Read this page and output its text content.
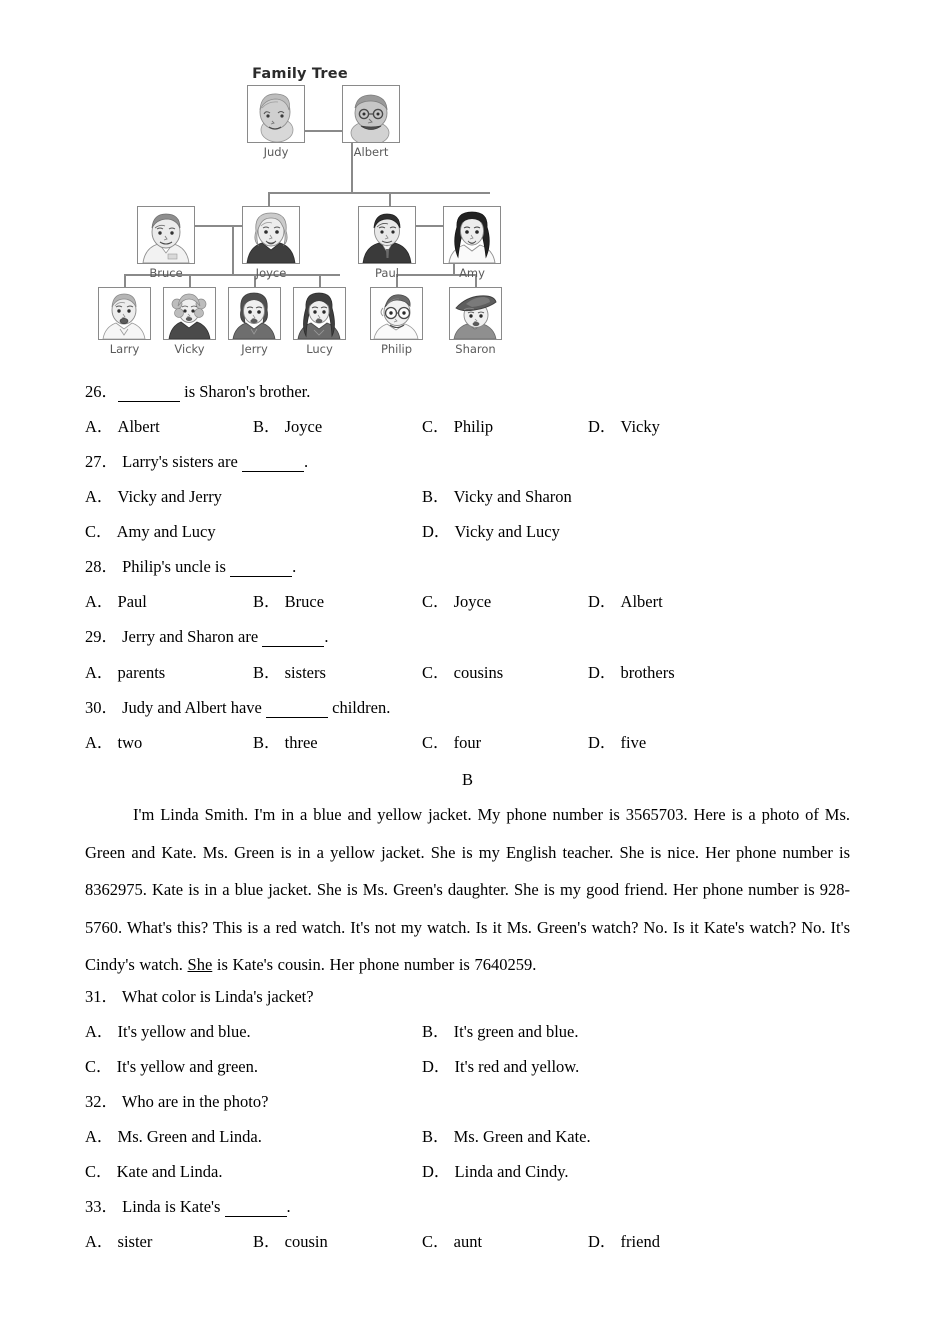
Family Tree
Judy	Albert
Bruce	Joyce	Paul	Amy
Larry	Vicky	Jerry	Lucy	Philip	Sharon
26．	is Sharon's brother.
A． Albert	B． Joyce	C． Philip	D． Vicky
27． Larry's sisters are	.
A． Vicky and Jerry	B． Vicky and Sharon
C． Amy and Lucy	D． Vicky and Lucy
28． Philip's uncle is	.
A． Paul	B． Bruce	C． Joyce	D． Albert
29． Jerry and Sharon are	.
A． parents	B． sisters	C． cousins	D． brothers
30． Judy and Albert have	children.
A． two	B． three	C． four	D． five
B
I'm Linda Smith. I'm in a blue and yellow jacket. My phone number is 3565703. Here is a photo of Ms. Green and Kate. Ms. Green is in a yellow jacket. She is my English teacher. She is nice. Her phone number is 8362975. Kate is in a blue jacket. She is Ms. Green's daughter. She is my good friend. Her phone number is 928-5760. What's this? This is a red watch. It's not my watch. Is it Ms. Green's watch? No. Is it Kate's watch? No. It's Cindy's watch. She is Kate's cousin. Her phone number is 7640259.
31． What color is Linda's jacket?
A． It's yellow and blue.	B． It's green and blue.
C． It's yellow and green.	D． It's red and yellow.
32． Who are in the photo?
A． Ms. Green and Linda.	B． Ms. Green and Kate.
C． Kate and Linda.	D． Linda and Cindy.
33． Linda is Kate's	.
A． sister	B． cousin	C． aunt	D． friend
